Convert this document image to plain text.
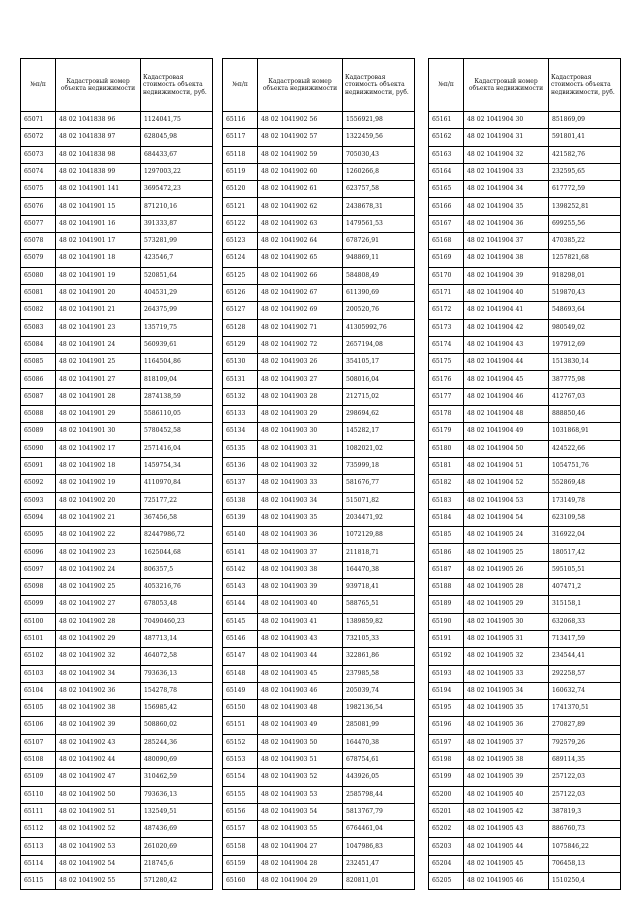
№п/п	Кадастровый номер объекта недвижимости	Кадастровая стоимость объекта недвижимости, руб.
65071	48 02 1041838 96	1124041,75
65072	48 02 1041838 97	628045,98
65073	48 02 1041838 98	684433,67
65074	48 02 1041838 99	1297003,22
65075	48 02 1041901 141	3695472,23
65076	48 02 1041901 15	871210,16
65077	48 02 1041901 16	391333,87
65078	48 02 1041901 17	573281,99
65079	48 02 1041901 18	423546,7
65080	48 02 1041901 19	520851,64
65081	48 02 1041901 20	404531,29
65082	48 02 1041901 21	264375,99
65083	48 02 1041901 23	135719,75
65084	48 02 1041901 24	560939,61
65085	48 02 1041901 25	1164504,86
65086	48 02 1041901 27	818109,04
65087	48 02 1041901 28	2874138,59
65088	48 02 1041901 29	5586110,05
65089	48 02 1041901 30	5780452,58
65090	48 02 1041902 17	2571416,04
65091	48 02 1041902 18	1459754,34
65092	48 02 1041902 19	4110970,84
65093	48 02 1041902 20	725177,22
65094	48 02 1041902 21	367456,58
65095	48 02 1041902 22	82447986,72
65096	48 02 1041902 23	1625044,68
65097	48 02 1041902 24	806357,5
65098	48 02 1041902 25	4053216,76
65099	48 02 1041902 27	678053,48
65100	48 02 1041902 28	70490460,23
65101	48 02 1041902 29	487713,14
65102	48 02 1041902 32	464072,58
65103	48 02 1041902 34	793636,13
65104	48 02 1041902 36	154278,78
65105	48 02 1041902 38	156985,42
65106	48 02 1041902 39	508860,02
65107	48 02 1041902 43	285244,36
65108	48 02 1041902 44	480090,69
65109	48 02 1041902 47	310462,59
65110	48 02 1041902 50	793636,13
65111	48 02 1041902 51	132549,51
65112	48 02 1041902 52	487436,69
65113	48 02 1041902 53	261020,69
65114	48 02 1041902 54	218745,6
65115	48 02 1041902 55	571280,42
№п/п	Кадастровый номер объекта недвижимости	Кадастровая стоимость объекта недвижимости, руб.
65116	48 02 1041902 56	1556921,98
65117	48 02 1041902 57	1322459,56
65118	48 02 1041902 59	705030,43
65119	48 02 1041902 60	1260266,8
65120	48 02 1041902 61	623757,58
65121	48 02 1041902 62	2438678,31
65122	48 02 1041902 63	1479561,53
65123	48 02 1041902 64	678726,91
65124	48 02 1041902 65	948869,11
65125	48 02 1041902 66	584808,49
65126	48 02 1041902 67	611390,69
65127	48 02 1041902 69	200520,76
65128	48 02 1041902 71	41305992,76
65129	48 02 1041902 72	2657194,08
65130	48 02 1041903 26	354105,17
65131	48 02 1041903 27	508016,04
65132	48 02 1041903 28	212715,02
65133	48 02 1041903 29	298694,62
65134	48 02 1041903 30	145282,17
65135	48 02 1041903 31	1082021,02
65136	48 02 1041903 32	735999,18
65137	48 02 1041903 33	581676,77
65138	48 02 1041903 34	515071,82
65139	48 02 1041903 35	2034471,92
65140	48 02 1041903 36	1072129,88
65141	48 02 1041903 37	211818,71
65142	48 02 1041903 38	164470,38
65143	48 02 1041903 39	939718,41
65144	48 02 1041903 40	588765,51
65145	48 02 1041903 41	1389859,82
65146	48 02 1041903 43	732105,33
65147	48 02 1041903 44	322861,86
65148	48 02 1041903 45	237985,58
65149	48 02 1041903 46	205039,74
65150	48 02 1041903 48	1982136,54
65151	48 02 1041903 49	285081,99
65152	48 02 1041903 50	164470,38
65153	48 02 1041903 51	678754,61
65154	48 02 1041903 52	443926,05
65155	48 02 1041903 53	2585798,44
65156	48 02 1041903 54	5813767,79
65157	48 02 1041903 55	6764461,04
65158	48 02 1041904 27	1047986,83
65159	48 02 1041904 28	232451,47
65160	48 02 1041904 29	820811,01
№п/п	Кадастровый номер объекта недвижимости	Кадастровая стоимость объекта недвижимости, руб.
65161	48 02 1041904 30	851869,09
65162	48 02 1041904 31	591801,41
65163	48 02 1041904 32	421582,76
65164	48 02 1041904 33	232595,65
65165	48 02 1041904 34	617772,59
65166	48 02 1041904 35	1398252,81
65167	48 02 1041904 36	699255,56
65168	48 02 1041904 37	470385,22
65169	48 02 1041904 38	1257821,68
65170	48 02 1041904 39	918298,01
65171	48 02 1041904 40	519870,43
65172	48 02 1041904 41	548693,64
65173	48 02 1041904 42	980549,02
65174	48 02 1041904 43	197912,69
65175	48 02 1041904 44	1513830,14
65176	48 02 1041904 45	387775,98
65177	48 02 1041904 46	412767,03
65178	48 02 1041904 48	888850,46
65179	48 02 1041904 49	1031868,91
65180	48 02 1041904 50	424522,66
65181	48 02 1041904 51	1054751,76
65182	48 02 1041904 52	552869,48
65183	48 02 1041904 53	173149,78
65184	48 02 1041904 54	623109,58
65185	48 02 1041905 24	316922,04
65186	48 02 1041905 25	180517,42
65187	48 02 1041905 26	595105,51
65188	48 02 1041905 28	407471,2
65189	48 02 1041905 29	315158,1
65190	48 02 1041905 30	632068,33
65191	48 02 1041905 31	713417,59
65192	48 02 1041905 32	234544,41
65193	48 02 1041905 33	292258,57
65194	48 02 1041905 34	160632,74
65195	48 02 1041905 35	1741370,51
65196	48 02 1041905 36	270827,89
65197	48 02 1041905 37	792579,26
65198	48 02 1041905 38	689114,35
65199	48 02 1041905 39	257122,03
65200	48 02 1041905 40	257122,03
65201	48 02 1041905 42	387819,3
65202	48 02 1041905 43	886760,73
65203	48 02 1041905 44	1075846,22
65204	48 02 1041905 45	706458,13
65205	48 02 1041905 46	1510250,4
